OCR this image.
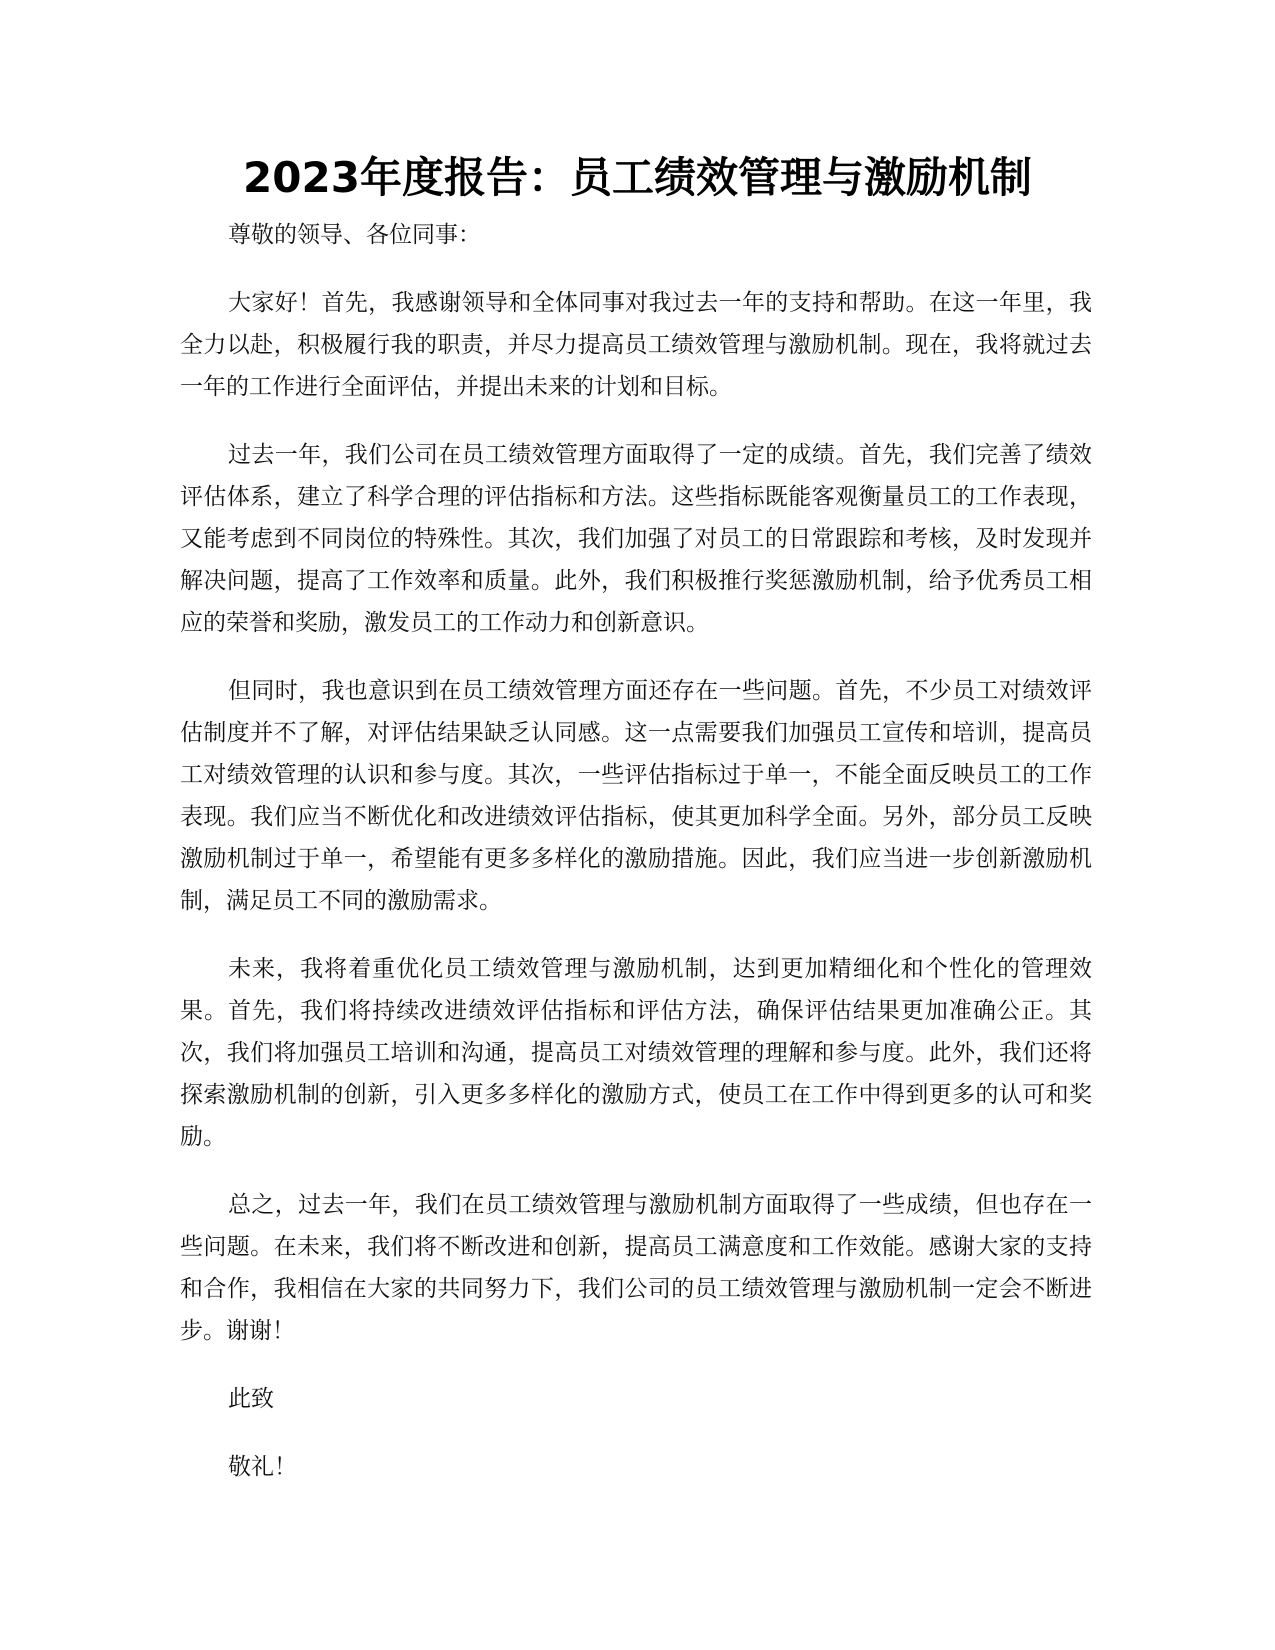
2023年度报告：员工绩效管理与激励机制

尊敬的领导、各位同事：

大家好！首先，我感谢领导和全体同事对我过去一年的支持和帮助。在这一年里，我全力以赴，积极履行我的职责，并尽力提高员工绩效管理与激励机制。现在，我将就过去一年的工作进行全面评估，并提出未来的计划和目标。

过去一年，我们公司在员工绩效管理方面取得了一定的成绩。首先，我们完善了绩效评估体系，建立了科学合理的评估指标和方法。这些指标既能客观衡量员工的工作表现，又能考虑到不同岗位的特殊性。其次，我们加强了对员工的日常跟踪和考核，及时发现并解决问题，提高了工作效率和质量。此外，我们积极推行奖惩激励机制，给予优秀员工相应的荣誉和奖励，激发员工的工作动力和创新意识。

但同时，我也意识到在员工绩效管理方面还存在一些问题。首先，不少员工对绩效评估制度并不了解，对评估结果缺乏认同感。这一点需要我们加强员工宣传和培训，提高员工对绩效管理的认识和参与度。其次，一些评估指标过于单一，不能全面反映员工的工作表现。我们应当不断优化和改进绩效评估指标，使其更加科学全面。另外，部分员工反映激励机制过于单一，希望能有更多多样化的激励措施。因此，我们应当进一步创新激励机制，满足员工不同的激励需求。

未来，我将着重优化员工绩效管理与激励机制，达到更加精细化和个性化的管理效果。首先，我们将持续改进绩效评估指标和评估方法，确保评估结果更加准确公正。其次，我们将加强员工培训和沟通，提高员工对绩效管理的理解和参与度。此外，我们还将探索激励机制的创新，引入更多多样化的激励方式，使员工在工作中得到更多的认可和奖励。

总之，过去一年，我们在员工绩效管理与激励机制方面取得了一些成绩，但也存在一些问题。在未来，我们将不断改进和创新，提高员工满意度和工作效能。感谢大家的支持和合作，我相信在大家的共同努力下，我们公司的员工绩效管理与激励机制一定会不断进步。谢谢！

此致

敬礼！
